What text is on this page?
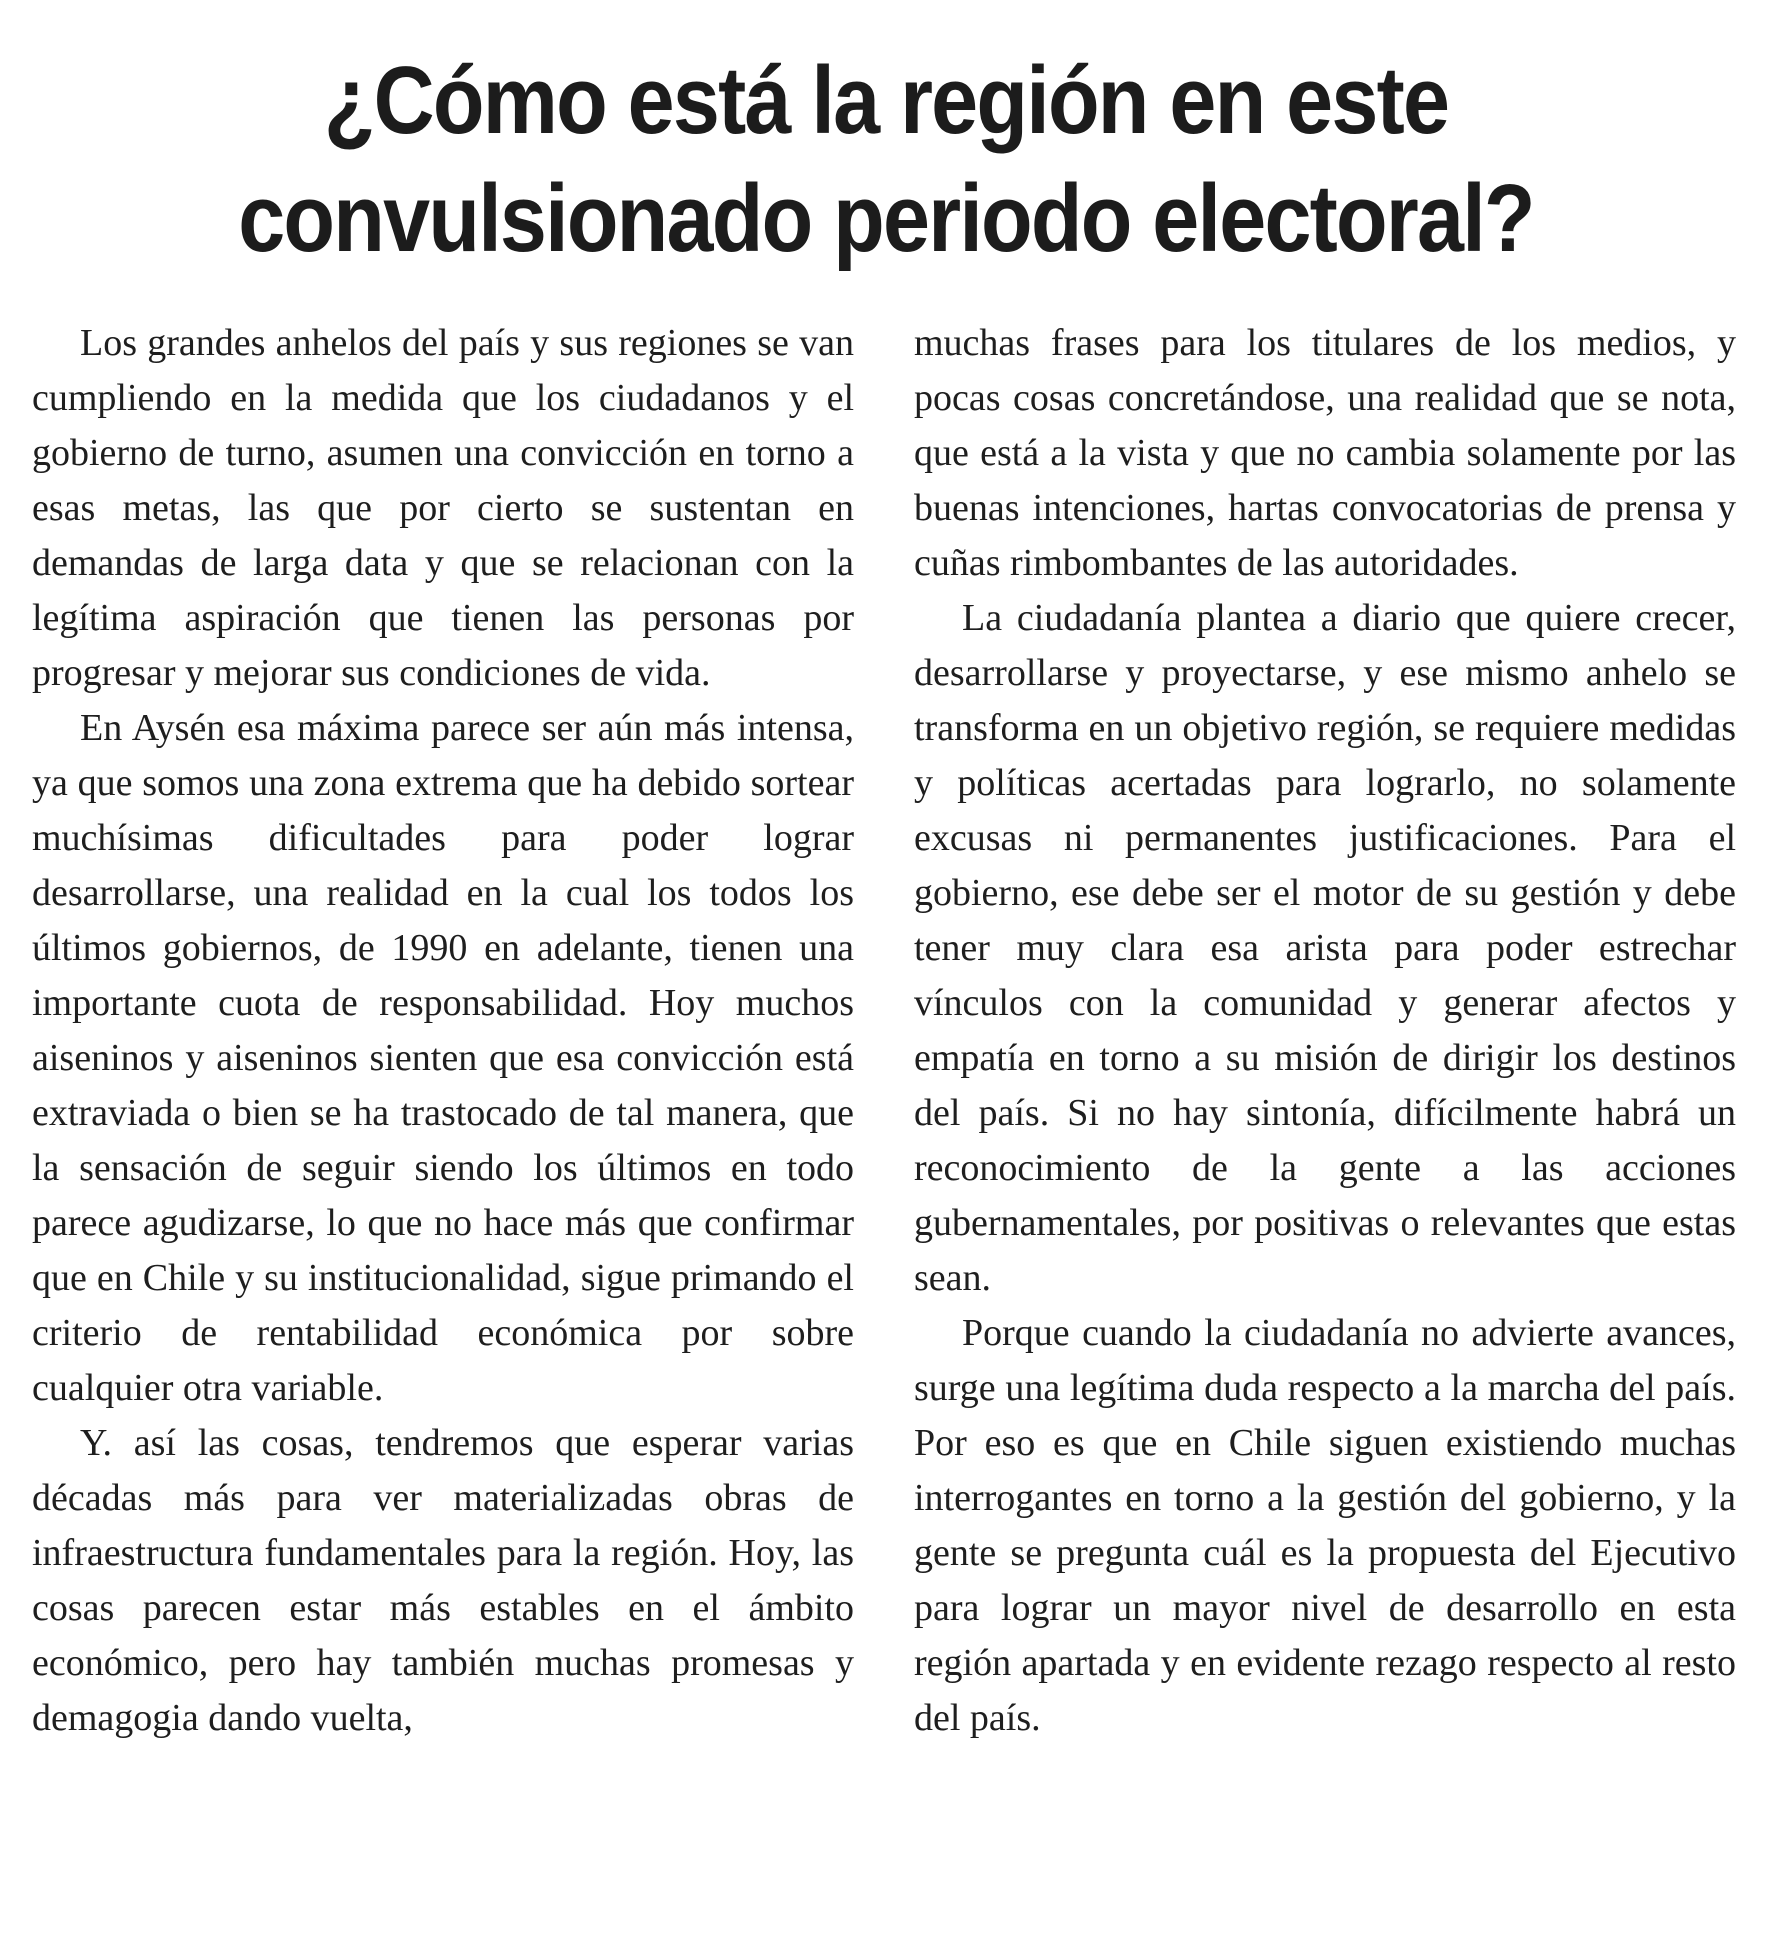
¿Cómo está la región en este
convulsionado periodo electoral?

Los grandes anhelos del país y sus regiones se van cumpliendo en la medida que los ciudadanos y el gobierno de turno, asumen una convicción en torno a esas metas, las que por cierto se sustentan en demandas de larga data y que se relacionan con la legítima aspiración que tienen las personas por progresar y mejorar sus condiciones de vida.

En Aysén esa máxima parece ser aún más intensa, ya que somos una zona extrema que ha debido sortear muchísimas dificultades para poder lograr desarrollarse, una realidad en la cual los todos los últimos gobiernos, de 1990 en adelante, tienen una importante cuota de responsabilidad. Hoy muchos aiseninos y aiseninos sienten que esa convicción está extraviada o bien se ha trastocado de tal manera, que la sensación de seguir siendo los últimos en todo parece agudizarse, lo que no hace más que confirmar que en Chile y su institucionalidad, sigue primando el criterio de rentabilidad económica por sobre cualquier otra variable.

Y. así las cosas, tendremos que esperar varias décadas más para ver materializadas obras de infraestructura fundamentales para la región. Hoy, las cosas parecen estar más estables en el ámbito económico, pero hay también muchas promesas y demagogia dando vuelta,

muchas frases para los titulares de los medios, y pocas cosas concretándose, una realidad que se nota, que está a la vista y que no cambia solamente por las buenas intenciones, hartas convocatorias de prensa y cuñas rimbombantes de las autoridades.

La ciudadanía plantea a diario que quiere crecer, desarrollarse y proyectarse, y ese mismo anhelo se transforma en un objetivo región, se requiere medidas y políticas acertadas para lograrlo, no solamente excusas ni permanentes justificaciones. Para el gobierno, ese debe ser el motor de su gestión y debe tener muy clara esa arista para poder estrechar vínculos con la comunidad y generar afectos y empatía en torno a su misión de dirigir los destinos del país. Si no hay sintonía, difícilmente habrá un reconocimiento de la gente a las acciones gubernamentales, por positivas o relevantes que estas sean.

Porque cuando la ciudadanía no advierte avances, surge una legítima duda respecto a la marcha del país. Por eso es que en Chile siguen existiendo muchas interrogantes en torno a la gestión del gobierno, y la gente se pregunta cuál es la propuesta del Ejecutivo para lograr un mayor nivel de desarrollo en esta región apartada y en evidente rezago respecto al resto del país.
